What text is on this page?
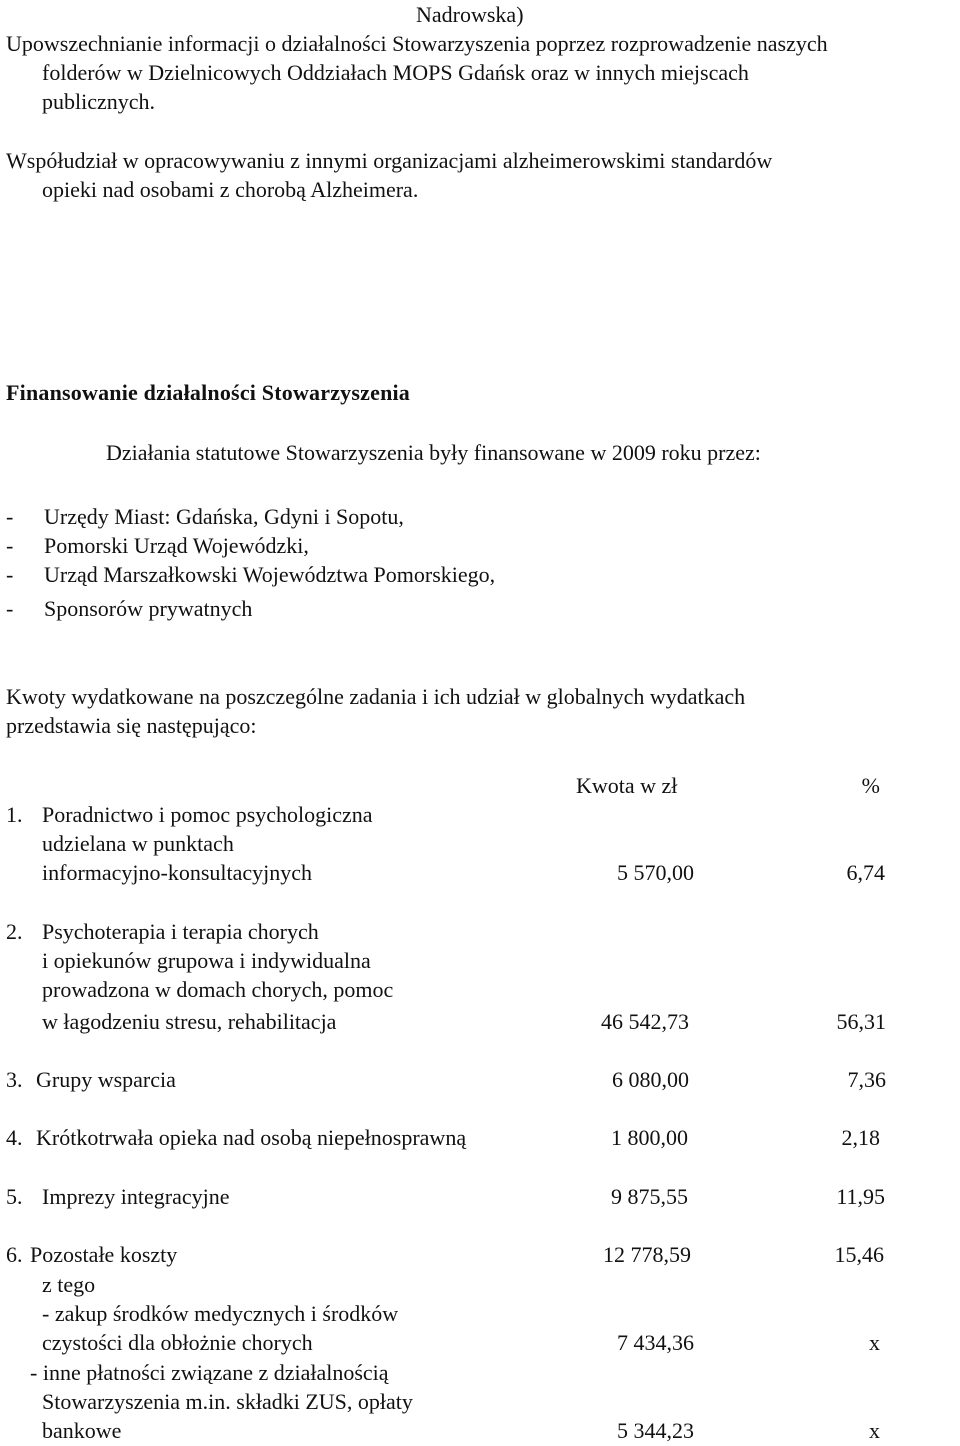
Nadrowska)
Upowszechnianie informacji o działalności Stowarzyszenia poprzez rozprowadzenie naszych
folderów w Dzielnicowych Oddziałach MOPS Gdańsk oraz w innych miejscach
publicznych.
Współudział w opracowywaniu z innymi organizacjami alzheimerowskimi standardów
opieki nad osobami z chorobą Alzheimera.
Finansowanie działalności Stowarzyszenia
Działania statutowe Stowarzyszenia były finansowane w 2009 roku przez:
- Urzędy Miast: Gdańska, Gdyni i Sopotu,
- Pomorski Urząd Wojewódzki,
- Urząd Marszałkowski Województwa Pomorskiego,
- Sponsorów prywatnych
Kwoty wydatkowane na poszczególne zadania i ich udział w globalnych wydatkach
przedstawia się następująco:
Kwota w zł	%
1. Poradnictwo i pomoc psychologiczna
udzielana w punktach
informacyjno-konsultacyjnych	5 570,00	6,74
2. Psychoterapia i terapia chorych
i opiekunów grupowa i indywidualna
prowadzona w domach chorych, pomoc
w łagodzeniu stresu, rehabilitacja	46 542,73	56,31
3. Grupy wsparcia	6 080,00	7,36
4. Krótkotrwała opieka nad osobą niepełnosprawną	1 800,00	2,18
5. Imprezy integracyjne	9 875,55	11,95
6. Pozostałe koszty	12 778,59	15,46
z tego
- zakup środków medycznych i środków
czystości dla obłożnie chorych	7 434,36	x
- inne płatności związane z działalnością
Stowarzyszenia m.in. składki ZUS, opłaty
bankowe	5 344,23	x
